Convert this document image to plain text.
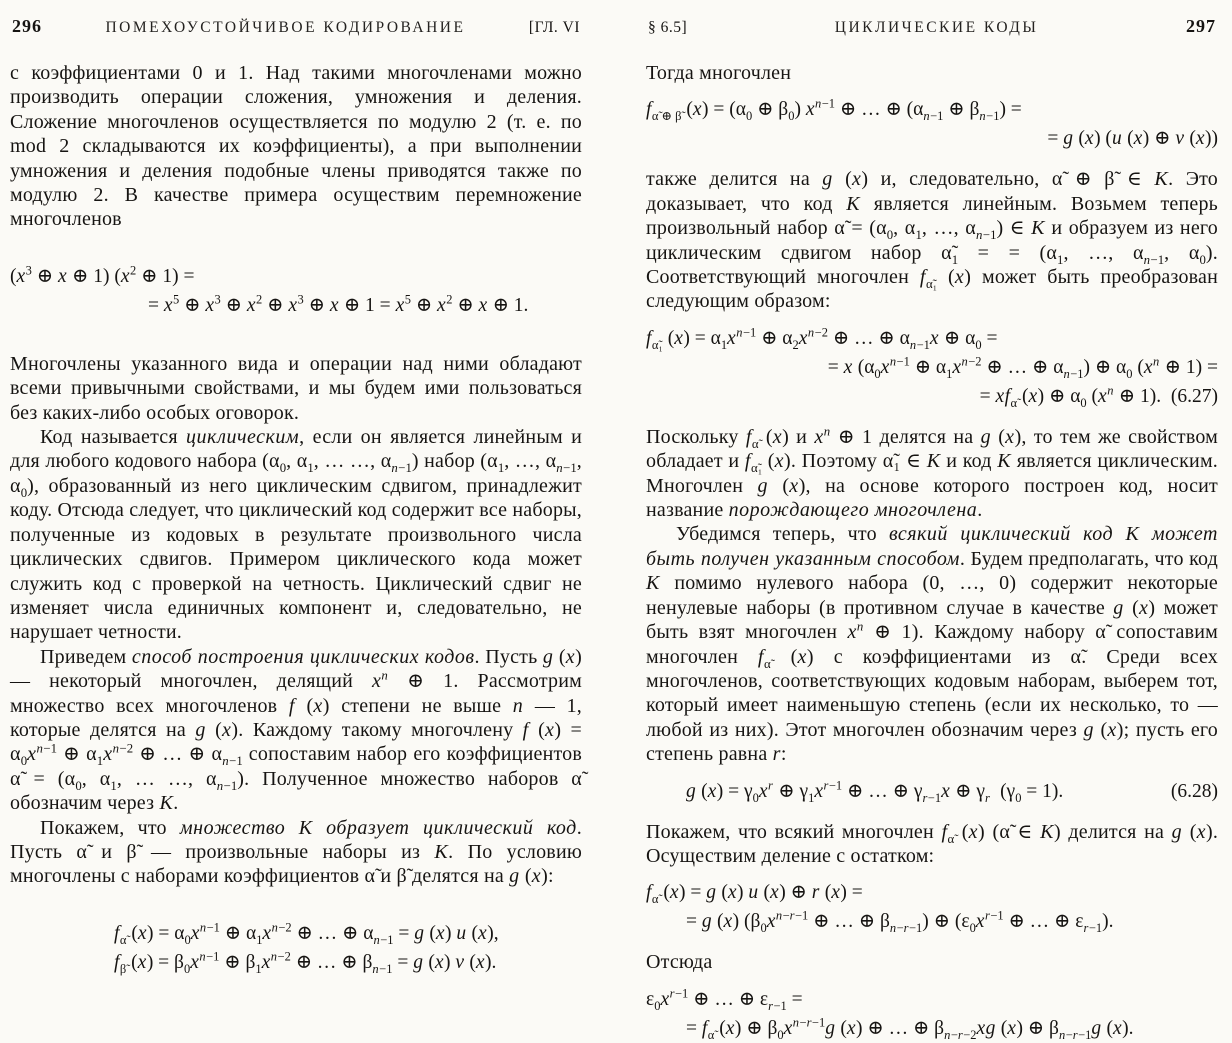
296	ПОМЕХОУСТОЙЧИВОЕ КОДИРОВАНИЕ	[ГЛ. VI
с коэффициентами 0 и 1. Над такими многочленами можно производить операции сложения, умножения и деления. Сложение многочленов осуществляется по модулю 2 (т. е. по mod 2 складываются их коэффициенты), а при выполнении умножения и деления подобные члены приводятся также по модулю 2. В качестве примера осуществим перемножение многочленов
($x^3$ ⊕ x ⊕ 1) ($x^2$ ⊕ 1) =
= $x^5$ ⊕ $x^3$ ⊕ $x^2$ ⊕ $x^3$ ⊕ x ⊕ $1 = x^5$ ⊕ $x^2$ ⊕ x ⊕ 1.
Многочлены указанного вида и операции над ними обладают всеми привычными свойствами, и мы будем ими пользоваться без каких-либо особых оговорок.
Код называется циклическим, если он является линейным и для любого кодового набора ($\alpha_0$, $\alpha_1$, … …, $\alpha_{n-1}$) набор ($\alpha_1$, …, $\alpha_{n-1}$, $\alpha_0$), образованный из него циклическим сдвигом, принадлежит коду. Отсюда следует, что циклический код содержит все наборы, полученные из кодовых в результате произвольного числа циклических сдвигов. Примером циклического кода может служить код с проверкой на четность. Циклический сдвиг не изменяет числа единичных компонент и, следовательно, не нарушает четности.
Приведем способ построения циклических кодов. Пусть g (x) — некоторый многочлен, делящий $x^n$ ⊕ 1. Рассмотрим множество всех многочленов f (x) степени не выше n — 1, которые делятся на g (x). Каждому такому многочлену f $(x) = \alpha_0x^{n-1}$ ⊕ $\alpha_1x^{n-2}$ ⊕ … ⊕ $\alpha_{n-1}$ сопоставим набор его коэффициентов α̃ = ($\alpha_0$, $\alpha_1$, … …, $\alpha_{n-1}$). Полученное множество наборов α̃ обозначим через K.
Покажем, что множество K образует циклический код. Пусть α̃ и β̃ — произвольные наборы из K. По условию многочлены с наборами коэффициентов α̃ и β̃ делятся на g (x):
$f_{\alphã}$ $(x) = \alpha_0x^{n-1}$ ⊕ $\alpha_1x^{n-2}$ ⊕ … ⊕ $\alpha_{n-1} = g$ (x) u (x),
$f_{\betã}$ $(x) = \beta_0x^{n-1}$ ⊕ $\beta_1x^{n-2}$ ⊕ … ⊕ $\beta_{n-1} = g$ (x) v (x).
§ 6.5]	ЦИКЛИЧЕСКИЕ КОДЫ	297
Тогда многочлен
$f_{\alphã \oplus \betã}$ $(x) = (\alpha_0$ ⊕ $\beta_0$) $x^{n-1}$ ⊕ … ⊕ ($\alpha_{n-1}$ ⊕ $\beta_{n-1}$) =
= g (x) (u (x) ⊕ v (x))
также делится на g (x) и, следовательно, α̃ ⊕ β̃ ∈ K. Это доказывает, что код K является линейным. Возьмем теперь произвольный набор α̃ = ($\alpha_0$, $\alpha_1$, …, $\alpha_{n-1}$) ∈ K и образуем из него циклическим сдвигом набор $\alphã_1$ = = ($\alpha_1$, …, $\alpha_{n-1}$, $\alpha_0$). Соответствующий многочлен $f_{\alphã_1}$ (x) может быть преобразован следующим образом:
$f_{\alphã_1}$ $(x) = \alpha_1x^{n-1}$ ⊕ $\alpha_2x^{n-2}$ ⊕ … ⊕ $\alpha_{n-1}x$ ⊕ $\alpha_0$ =
= x ($\alpha_0x^{n-1}$ ⊕ $\alpha_1x^{n-2}$ ⊕ … ⊕ $\alpha_{n-1}$) ⊕ $\alpha_0$ ($x^n$ ⊕ 1) =
= $xf_{\alphã}$ (x) ⊕ $\alpha_0$ ($x^n$ ⊕ 1). (6.27)
Поскольку $f_{\alphã}$ (x) и $x^n$ ⊕ 1 делятся на g (x), то тем же свойством обладает и $f_{\alphã_1}$ (x). Поэтому α̃₁ ∈ K и код K является циклическим. Многочлен g (x), на основе которого построен код, носит название порождающего многочлена.
Убедимся теперь, что всякий циклический код K может быть получен указанным способом. Будем предполагать, что код K помимо нулевого набора (0, …, 0) содержит некоторые ненулевые наборы (в противном случае в качестве g (x) может быть взят многочлен $x^n$ ⊕ 1). Каждому набору α̃ сопоставим многочлен $f_{\alphã}$ (x) с коэффициентами из α̃. Среди всех многочленов, соответствующих кодовым наборам, выберем тот, который имеет наименьшую степень (если их несколько, то — любой из них). Этот многочлен обозначим через g (x); пусть его степень равна r:
g $(x) = \gamma_0x^r$ ⊕ $\gamma_1x^{r-1}$ ⊕ … ⊕ $\gamma_{r-1}x$ ⊕ $\gamma_r$ $(\gamma_0 = 1)$.	(6.28)
Покажем, что всякий многочлен $f_{\alphã}$ (x) (α̃ ∈ K) делится на g (x). Осуществим деление с остатком:
$f_{\alphã}$ (x) = g (x) u (x) ⊕ r (x) =
= g (x) ($\beta_0x^{n-r-1}$ ⊕ … ⊕ $\beta_{n-r-1}$) ⊕ ($\varepsilon_0x^{r-1}$ ⊕ … ⊕ $\varepsilon_{r-1}$).
Отсюда
$\varepsilon_0x^{r-1}$ ⊕ … ⊕ $\varepsilon_{r-1}$ =
= $f_{\alphã}$ (x) ⊕ $\beta_0x^{n-r-1}g$ (x) ⊕ … ⊕ $\beta_{n-r-2}xg$ (x) ⊕ $\beta_{n-r-1}g$ (x).
